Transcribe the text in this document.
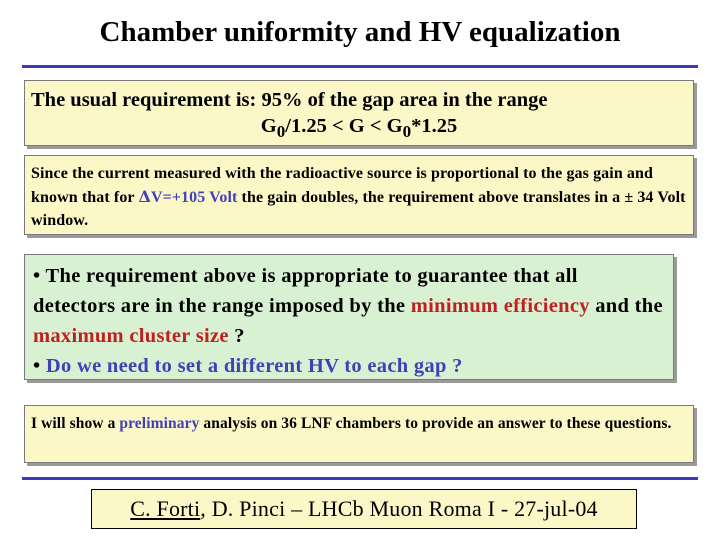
Chamber uniformity and HV equalization
The usual requirement is: 95% of the gap area in the range
$G_0/1.25 < G < G_0*1.25$
Since the current measured with the radioactive source is proportional to the gas gain and known that for ΔV=+105 Volt the gain doubles, the requirement above translates in a ± 34 Volt window.
• The requirement above is appropriate to guarantee that all detectors are in the range imposed by the minimum efficiency and the maximum cluster size ?
• Do we need to set a different HV to each gap ?
I will show a preliminary analysis on 36 LNF chambers to provide an answer to these questions.
C. Forti, D. Pinci – LHCb Muon Roma I - 27-jul-04
